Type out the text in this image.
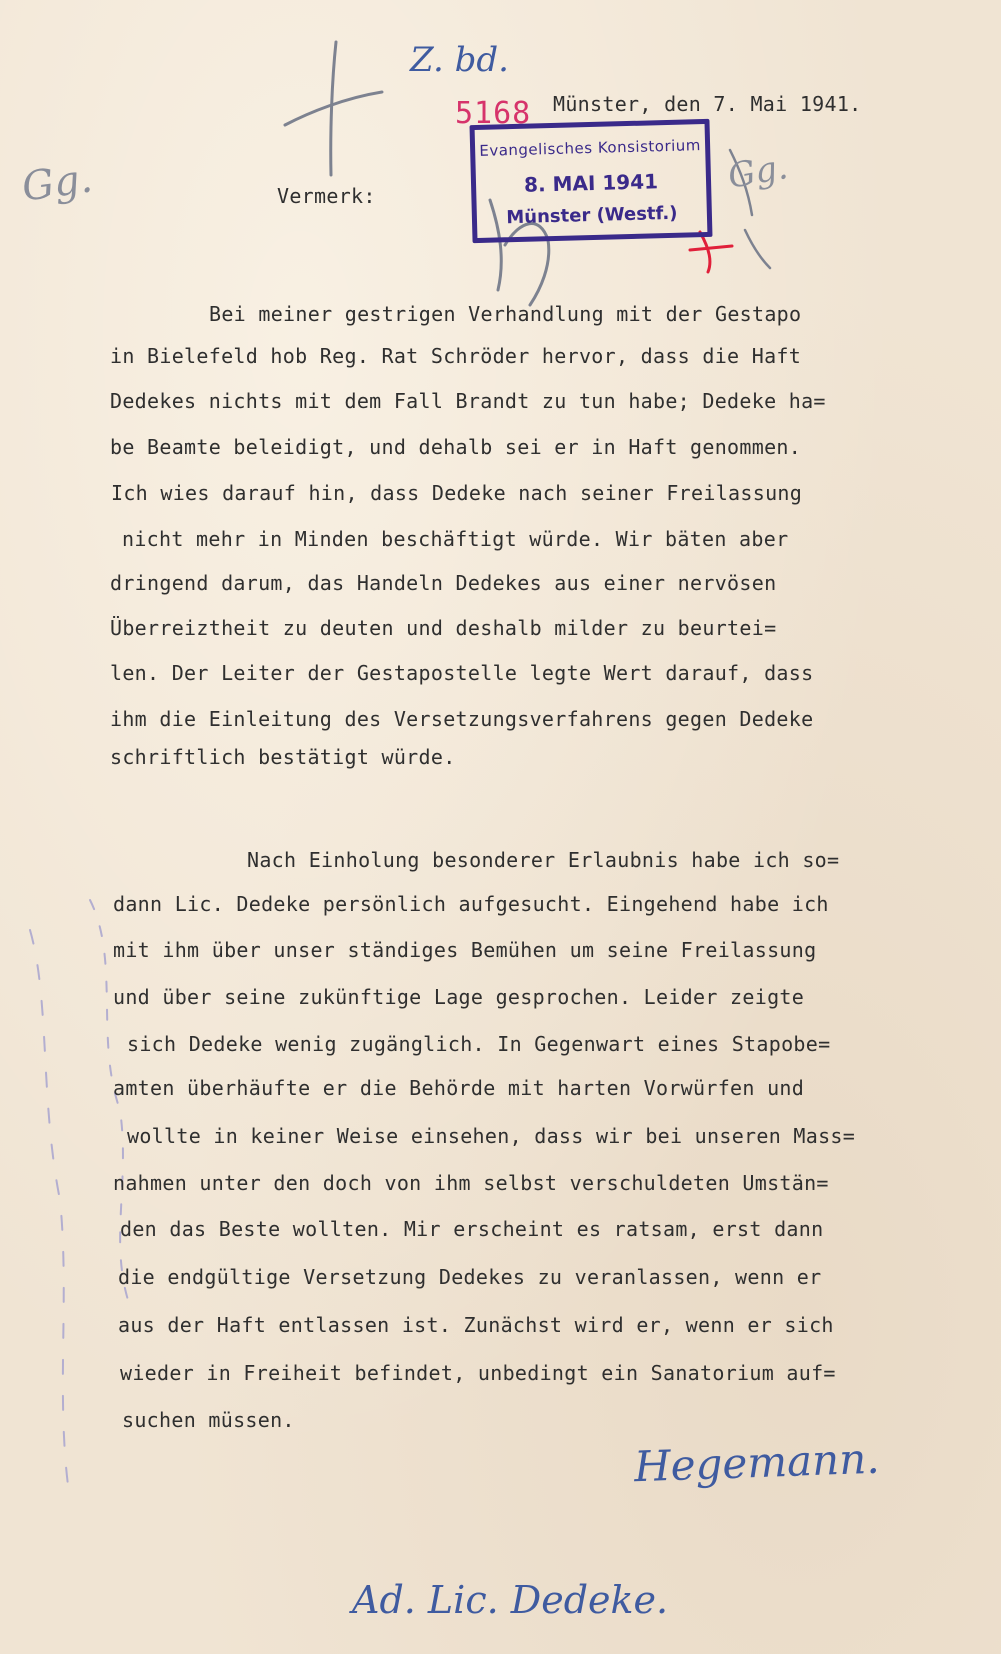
Z. bd.
Gg.	Gg.
5168
Evangelisches Konsistorium
8. MAI 1941
Münster (Westf.)
Münster, den 7. Mai 1941.
Vermerk:
Bei meiner gestrigen Verhandlung mit der Gestapo
in Bielefeld hob Reg. Rat Schröder hervor, dass die Haft
Dedekes nichts mit dem Fall Brandt zu tun habe; Dedeke ha=
be Beamte beleidigt, und dehalb sei er in Haft genommen.
Ich wies darauf hin, dass Dedeke nach seiner Freilassung
nicht mehr in Minden beschäftigt würde. Wir bäten aber
dringend darum, das Handeln Dedekes aus einer nervösen
Überreiztheit zu deuten und deshalb milder zu beurtei=
len. Der Leiter der Gestapostelle legte Wert darauf, dass
ihm die Einleitung des Versetzungsverfahrens gegen Dedeke
schriftlich bestätigt würde.
Nach Einholung besonderer Erlaubnis habe ich so=
dann Lic. Dedeke persönlich aufgesucht. Eingehend habe ich
mit ihm über unser ständiges Bemühen um seine Freilassung
und über seine zukünftige Lage gesprochen. Leider zeigte
sich Dedeke wenig zugänglich. In Gegenwart eines Stapobe=
amten überhäufte er die Behörde mit harten Vorwürfen und
wollte in keiner Weise einsehen, dass wir bei unseren Mass=
nahmen unter den doch von ihm selbst verschuldeten Umstän=
den das Beste wollten. Mir erscheint es ratsam, erst dann
die endgültige Versetzung Dedekes zu veranlassen, wenn er
aus der Haft entlassen ist. Zunächst wird er, wenn er sich
wieder in Freiheit befindet, unbedingt ein Sanatorium auf=
suchen müssen.
Hegemann.
Ad. Lic. Dedeke.
